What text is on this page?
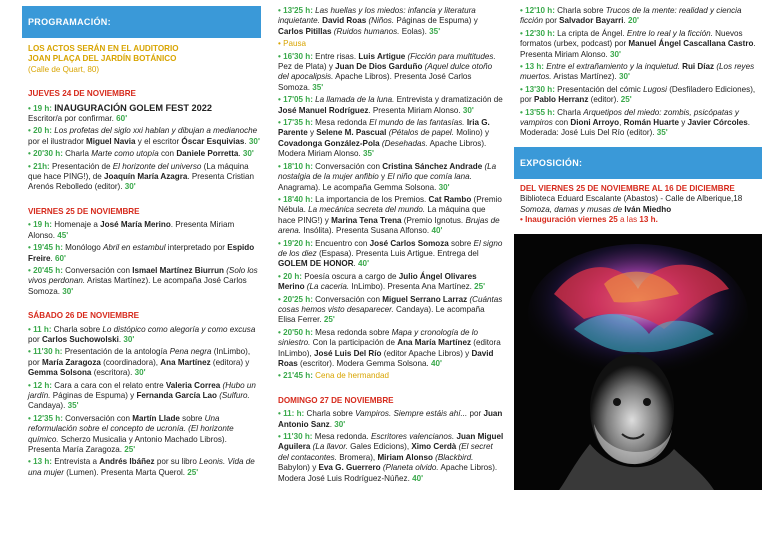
PROGRAMACIÓN:
LOS ACTOS SERÁN EN EL AUDITORIO
JOAN PLAÇA DEL JARDÍN BOTÁNICO
(Calle de Quart, 80)
JUEVES 24 DE NOVIEMBRE
• 19 h: INAUGURACIÓN GOLEM FEST 2022
Escritor/a por confirmar. 60'
• 20 h: Los profetas del siglo xxi hablan y dibujan a medianoche por el ilustrador Miguel Navia y el escritor Óscar Esquivias. 30'
• 20'30 h: Charla Marte como utopía con Daniele Porretta. 30'
• 21h: Presentación de El horizonte del universo (La máquina que hace PING!), de Joaquín María Azagra. Presenta Cristian Arenós Rebolledo (editor). 30'
VIERNES 25 DE NOVIEMBRE
• 19 h: Homenaje a José María Merino. Presenta Miriam Alonso. 45'
• 19'45 h: Monólogo Abril en estambul interpretado por Espido Freire. 60'
• 20'45 h: Conversación con Ismael Martínez Biurrun (Solo los vivos perdonan. Aristas Martínez). Le acompaña José Carlos Somoza. 30'
SÁBADO 26 DE NOVIEMBRE
• 11 h: Charla sobre Lo distópico como alegoría y como excusa por Carlos Suchowolski. 30'
• 11'30 h: Presentación de la antología Pena negra (InLimbo), por María Zaragoza (coordinadora), Ana Martínez (editora) y Gemma Solsona (escritora). 30'
• 12 h: Cara a cara con el relato entre Valeria Correa (Hubo un jardín. Páginas de Espuma) y Fernanda García Lao (Sulfuro. Candaya). 35'
• 12'35 h: Conversación con Martín Llade sobre Una reformulación sobre el concepto de ucronía. (El horizonte químico. Scherzo Musicalia y Antonio Machado Libros). Presenta María Zaragoza. 25'
• 13 h: Entrevista a Andrés Ibáñez por su libro Leonis. Vida de una mujer (Lumen). Presenta Marta Querol. 25'
• 13'25 h: Las huellas y los miedos: infancia y literatura inquietante. David Roas (Niños. Páginas de Espuma) y Carlos Pitillas (Ruidos humanos. Eolas). 35'
• Pausa
• 16'30 h: Entre risas. Luis Artigue (Ficción para multitudes. Pez de Plata) y Juan De Dios Garduño (Aquel dulce otoño del apocalipsis. Apache Libros). Presenta José Carlos Somoza. 35'
• 17'05 h: La llamada de la luna. Entrevista y dramatización de José Manuel Rodríguez. Presenta Miriam Alonso. 30'
• 17'35 h: Mesa redonda El mundo de las fantasías. Iria G. Parente y Selene M. Pascual (Pétalos de papel. Molino) y Covadonga González-Pola (Desehadas. Apache Libros). Modera Miriam Alonso. 35'
• 18'10 h: Conversación con Cristina Sánchez Andrade (La nostalgia de la mujer anfibio y El niño que comía lana. Anagrama). Le acompaña Gemma Solsona. 30'
• 18'40 h: La importancia de los Premios. Cat Rambo (Premio Nébula. La mecánica secreta del mundo. La máquina que hace PING!) y Marina Tena Trena (Premio Ignotus. Brujas de arena. Insólita). Presenta Susana Alfonso. 40'
• 19'20 h: Encuentro con José Carlos Somoza sobre El signo de los diez (Espasa). Presenta Luis Artigue. Entrega del GOLEM DE HONOR. 40'
• 20 h: Poesía oscura a cargo de Julio Ángel Olivares Merino (La caceria. InLimbo). Presenta Ana Martínez. 25'
• 20'25 h: Conversación con Miguel Serrano Larraz (Cuántas cosas hemos visto desaparecer. Candaya). Le acompaña Elisa Ferrer. 25'
• 20'50 h: Mesa redonda sobre Mapa y cronología de lo siniestro. Con la participación de Ana María Martínez (editora InLimbo), José Luis Del Río (editor Apache Libros) y David Roas (escritor). Modera Gemma Solsona. 40'
• 21'45 h: Cena de hermandad
DOMINGO 27 DE NOVIEMBRE
• 11: h: Charla sobre Vampiros. Siempre estáis ahí... por Juan Antonio Sanz. 30'
• 11'30 h: Mesa redonda. Escritores valencianos. Juan Miguel Aguilera (La llavor. Gales Edicions), Ximo Cerdà (El secret del contacontes. Bromera), Miriam Alonso (Blackbird. Babylon) y Eva G. Guerrero (Planeta olvido. Apache Libros). Modera José Luis Rodríguez-Núñez. 40'
• 12'10 h: Charla sobre Trucos de la mente: realidad y ciencia ficción por Salvador Bayarri. 20'
• 12'30 h: La cripta de Ángel. Entre lo real y la ficción. Nuevos formatos (urbex, podcast) por Manuel Ángel Cascallana Castro. Presenta Miriam Alonso. 30'
• 13 h: Entre el extrañamiento y la inquietud. Rui Díaz (Los reyes muertos. Aristas Martínez). 30'
• 13'30 h: Presentación del cómic Lugosi (Desfiladero Ediciones), por Pablo Herranz (editor). 25'
• 13'55 h: Charla Arquetipos del miedo: zombis, psicópatas y vampiros con Dioni Arroyo, Román Huarte y Javier Córcoles. Moderada: José Luis Del Río (editor). 35'
EXPOSICIÓN:
DEL VIERNES 25 DE NOVIEMBRE AL 16 DE DICIEMBRE
Biblioteca Eduard Escalante (Abastos) - Calle de Alberique,18
Somoza, damas y musas de Iván Miedho
• Inauguración viernes 25 a las 13 h.
